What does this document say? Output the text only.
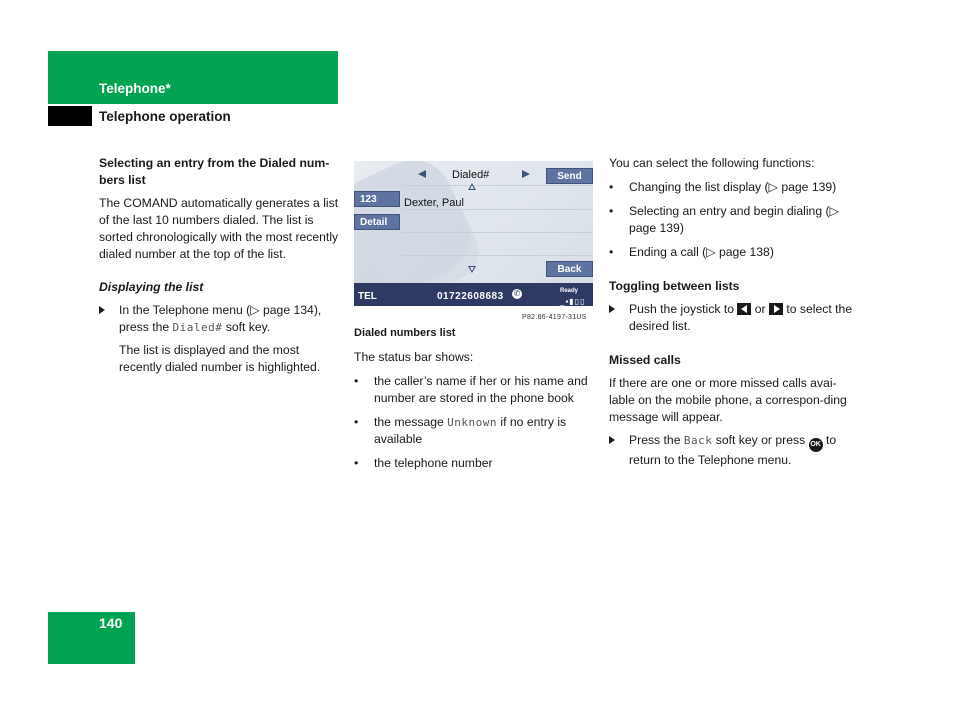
Telephone*
Telephone operation

Selecting an entry from the Dialed num-bers list

The COMAND automatically generates a list of the last 10 numbers dialed. The list is sorted chronologically with the most recently dialed number at the top of the list.

Displaying the list

In the Telephone menu (▷ page 134), press the Dialed# soft key.

The list is displayed and the most recently dialed number is highlighted.

Dialed#	Send
123
Detail
Dexter, Paul
Back
TEL	01722608683 ✆	Ready
_▪▮▯▯
P82.86-4197-31US

Dialed numbers list

The status bar shows:

• the caller’s name if her or his name and number are stored in the phone book
• the message Unknown if no entry is available
• the telephone number

You can select the following functions:

• Changing the list display (▷ page 139)
• Selecting an entry and begin dialing (▷ page 139)
• Ending a call (▷ page 138)

Toggling between lists

Push the joystick to  or  to select the desired list.

Missed calls

If there are one or more missed calls avai-lable on the mobile phone, a correspon-ding message will appear.

Press the Back soft key or press OK to return to the Telephone menu.
140
